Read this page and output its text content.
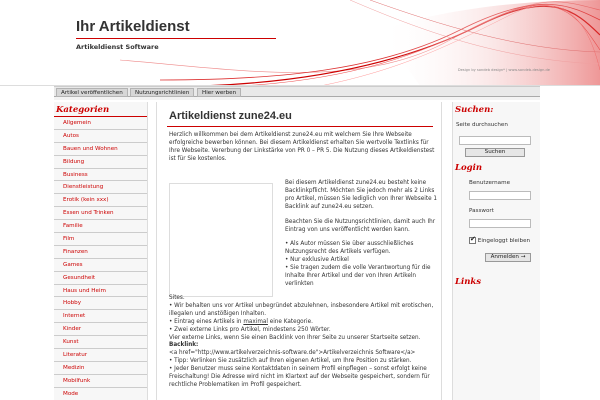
Ihr Artikeldienst
Artikeldienst Software
Design by sondeb design* | www.sondeb-design.de
Artikel veröffentlichen	Nutzungsrichtlinien	Hier werben
Kategorien
Allgemein
Autos
Bauen und Wohnen
Bildung
Business
Dienstleistung
Erotik (kein xxx)
Essen und Trinken
Familie
Film
Finanzen
Games
Gesundheit
Haus und Heim
Hobby
Internet
Kinder
Kunst
Literatur
Medizin
Mobilfunk
Mode
Artikeldienst zune24.eu
Herzlich willkommen bei dem Artikeldienst zune24.eu mit welchem Sie Ihre Webseite erfolgreiche bewerben können. Bei diesem Artikeldienst erhalten Sie wertvolle Textlinks für Ihre Webseite. Vererbung der Linkstärke von PR 0 – PR 5. Die Nutzung dieses Artikeldienstest ist für Sie kostenlos.
Bei diesem Artikeldienst zune24.eu besteht keine Backlinkpflicht. Möchten Sie jedoch mehr als 2 Links pro Artikel, müssen Sie lediglich von Ihrer Webseite 1 Backlink auf zune24.eu setzen.
Beachten Sie die Nutzungsrichtlinien, damit auch Ihr Eintrag von uns veröffentlicht werden kann.
• Als Autor müssen Sie über ausschließliches Nutzungsrecht des Artikels verfügen.
• Nur exklusive Artikel
• Sie tragen zudem die volle Verantwortung für die Inhalte Ihrer Artikel und der von Ihren Artikeln verlinkten
Sites.
• Wir behalten uns vor Artikel unbegründet abzulehnen, insbesondere Artikel mit erotischen, illegalen und anstößigen Inhalten.
• Eintrag eines Artikels in maximal eine Kategorie.
• Zwei externe Links pro Artikel, mindestens 250 Wörter.
Vier externe Links, wenn Sie einen Backlink von Ihrer Seite zu unserer Startseite setzen.
Backlink:
<a href="http://www.artikelverzeichnis-software.de">Artikelverzeichnis Software</a>
• Tipp: Verlinken Sie zusätzlich auf Ihren eigenen Artikel, um Ihre Position zu stärken.
• Jeder Benutzer muss seine Kontaktdaten in seinem Profil einpflegen – sonst erfolgt keine Freischaltung! Die Adresse wird nicht im Klartext auf der Webseite gespeichert, sondern für rechtliche Problematiken im Profil gespeichert.
Suchen:
Seite durchsuchen
Suchen
Login
Benutzername
Passwort
✔ Eingeloggt bleiben
Anmelden →
Links
